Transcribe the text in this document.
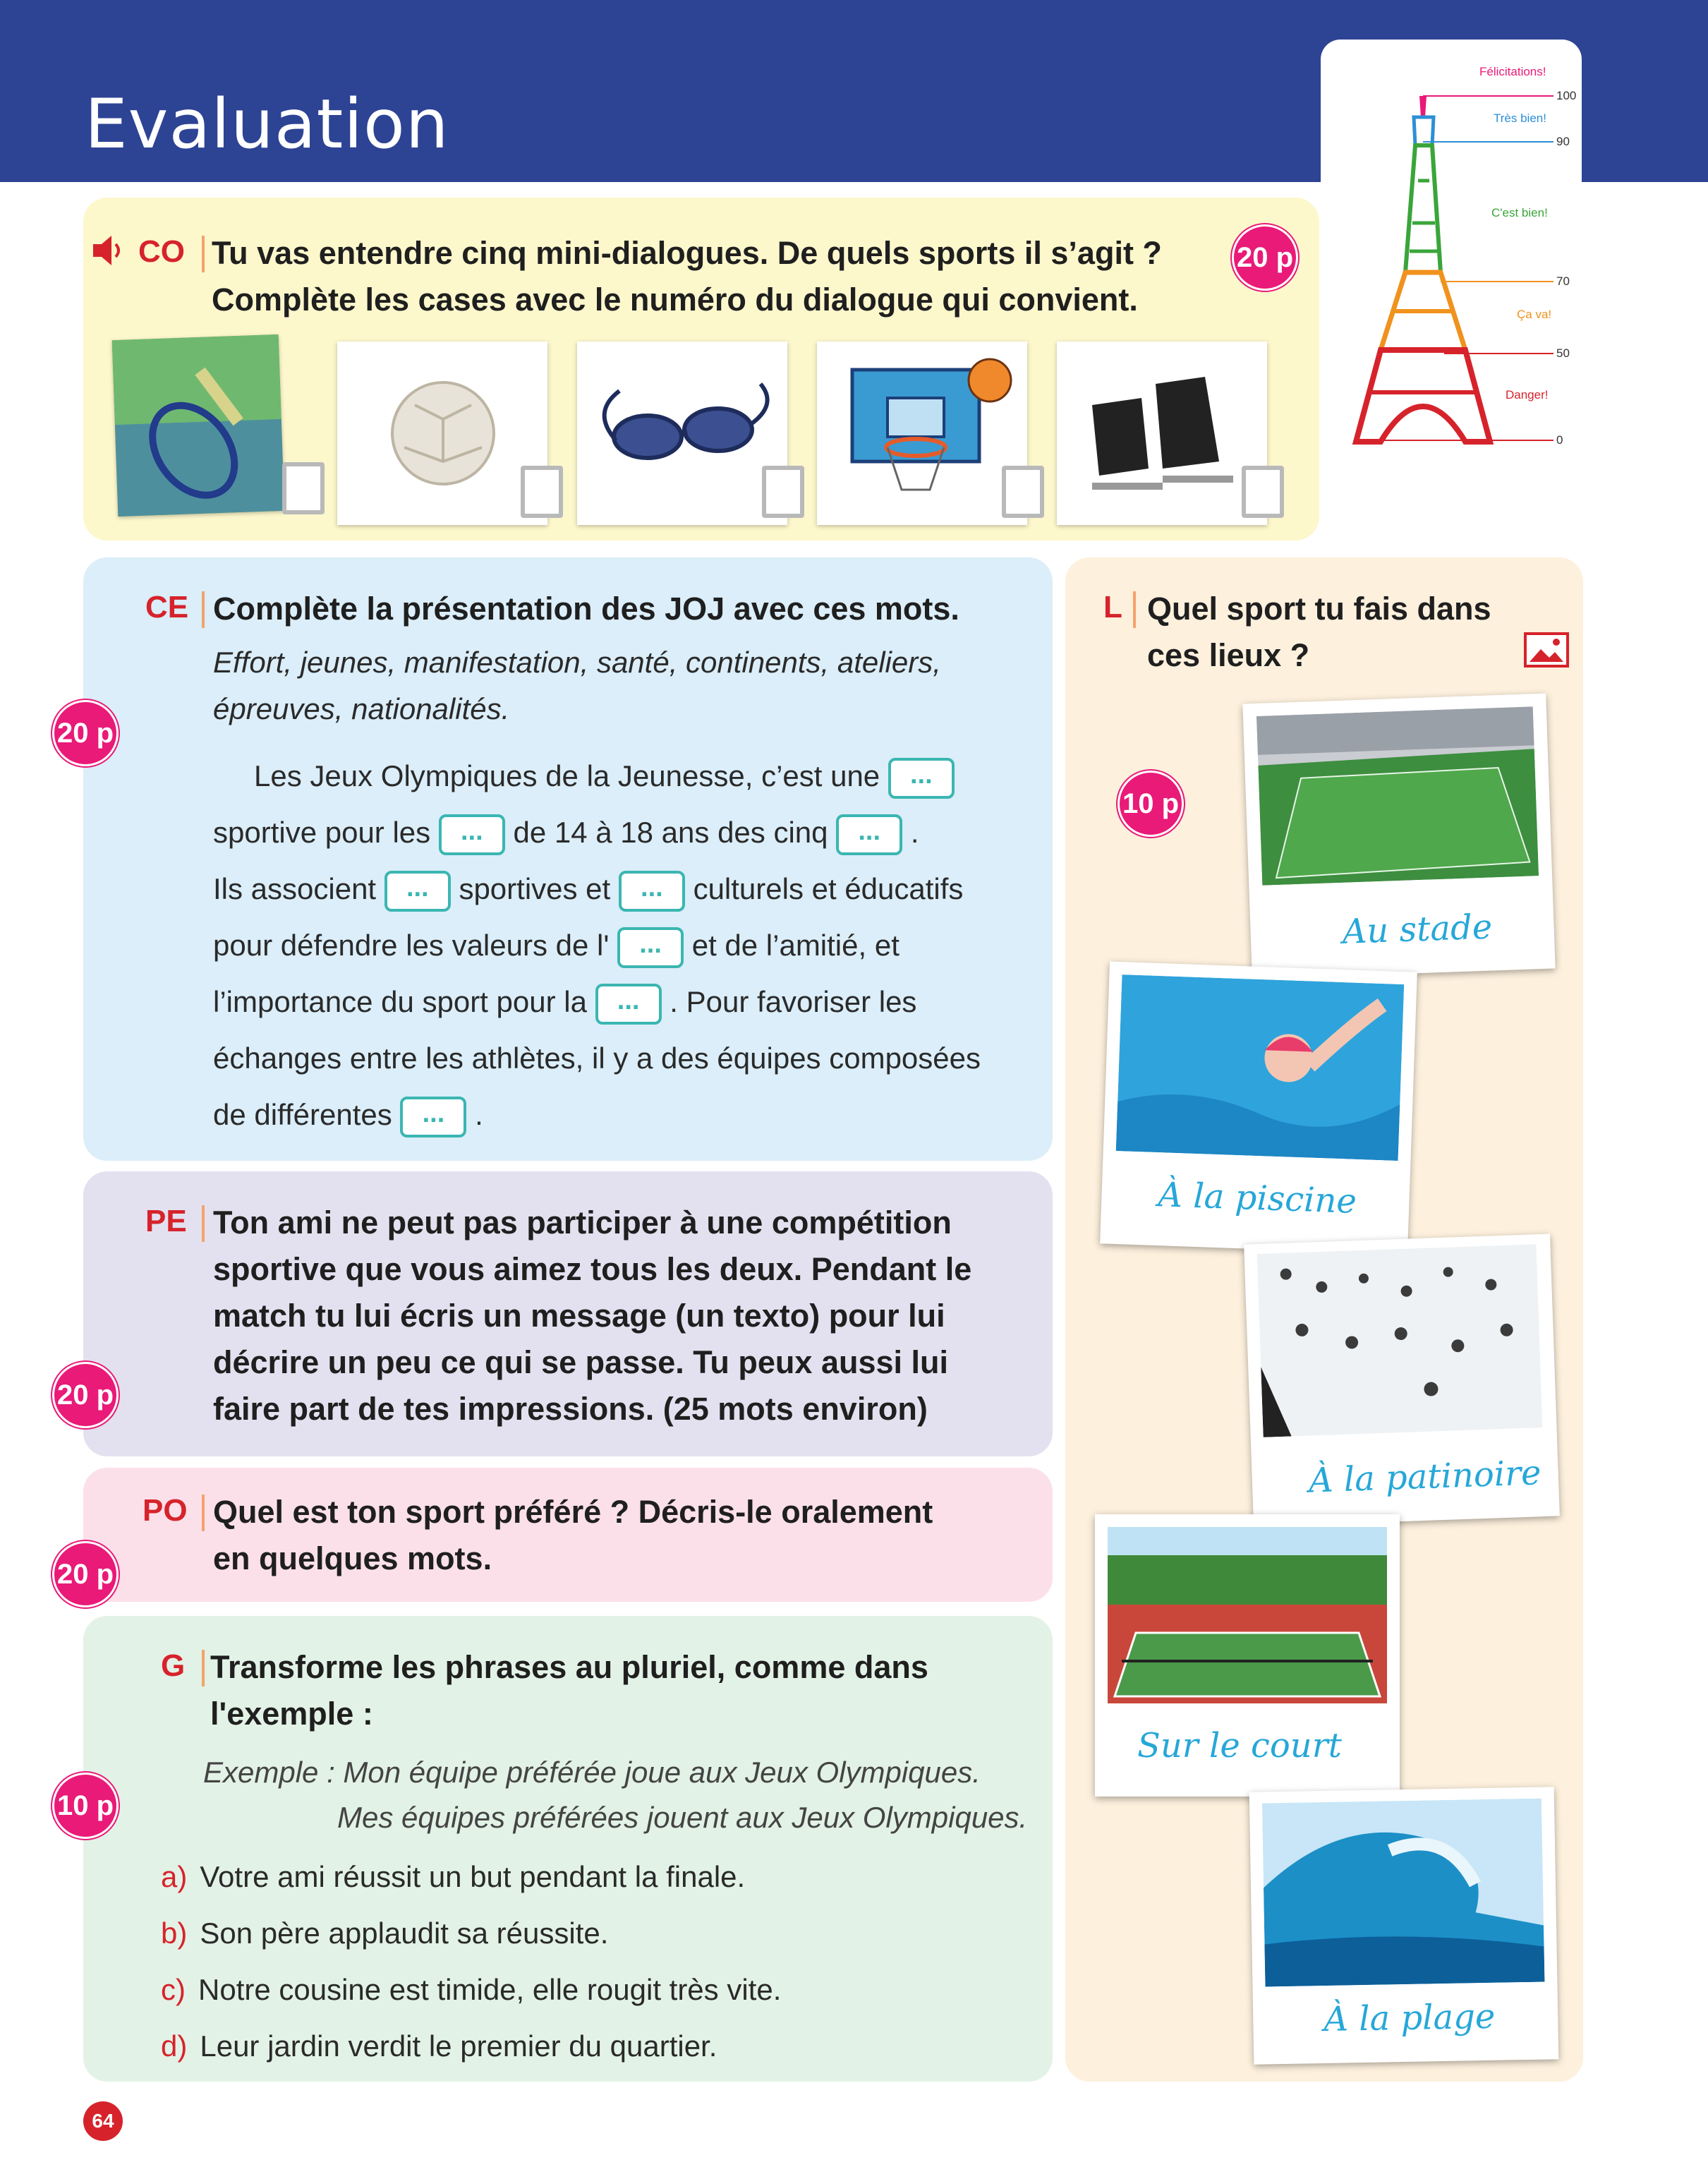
Evaluation
Félicitations!
Très bien!
C'est bien!
Ça va!
Danger!
100
90
70
50
0
CO Tu vas entendre cinq mini-dialogues. De quels sports il s’agit ?
Complète les cases avec le numéro du dialogue qui convient.
20 p
20 p
CE Complète la présentation des JOJ avec ces mots.
Effort, jeunes, manifestation, santé, continents, ateliers,
épreuves, nationalités.
Les Jeux Olympiques de la Jeunesse, c’est une ...
sportive pour les ... de 14 à 18 ans des cinq ... .
Ils associent ... sportives et ... culturels et éducatifs
pour défendre les valeurs de l' ... et de l’amitié, et
l’importance du sport pour la ... . Pour favoriser les
échanges entre les athlètes, il y a des équipes composées
de différentes ... .
20 p
PE Ton ami ne peut pas participer à une compétition
sportive que vous aimez tous les deux. Pendant le
match tu lui écris un message (un texto) pour lui
décrire un peu ce qui se passe. Tu peux aussi lui
faire part de tes impressions. (25 mots environ)
20 p
PO Quel est ton sport préféré ? Décris-le oralement
en quelques mots.
10 p
G Transforme les phrases au pluriel, comme dans
l'exemple :
Exemple : Mon équipe préférée joue aux Jeux Olympiques.
Mes équipes préférées jouent aux Jeux Olympiques.
a) Votre ami réussit un but pendant la finale.
b) Son père applaudit sa réussite.
c) Notre cousine est timide, elle rougit très vite.
d) Leur jardin verdit le premier du quartier.
L Quel sport tu fais dans
ces lieux ?
10 p
Au stade
À la piscine
À la patinoire
Sur le court
À la plage
64
